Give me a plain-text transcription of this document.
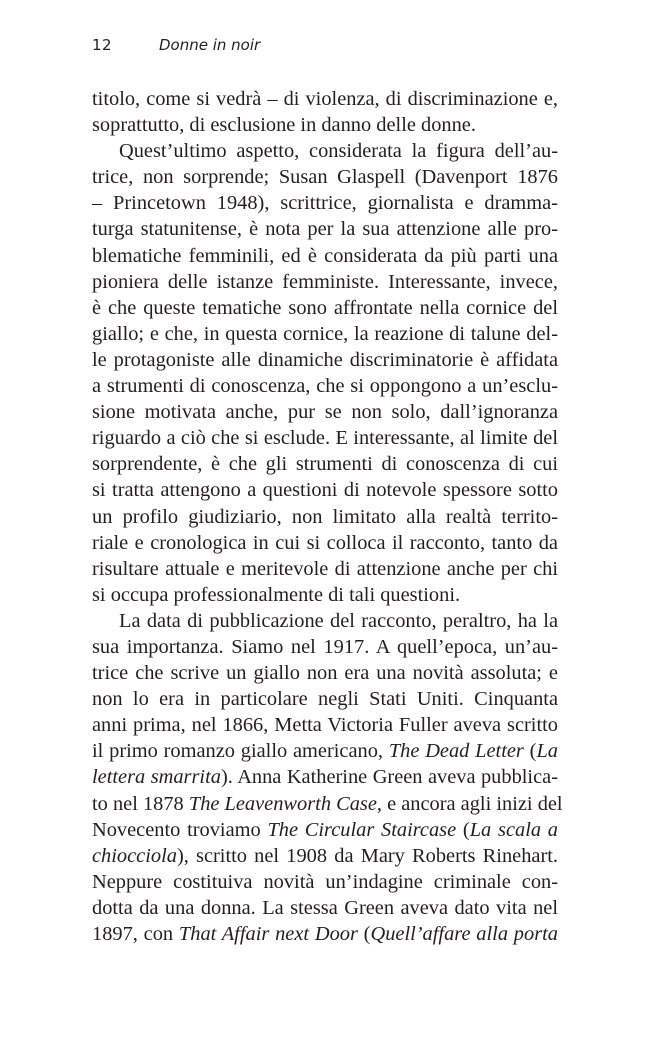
12	Donne in noir
titolo, come si vedrà – di violenza, di discriminazione e,
soprattutto, di esclusione in danno delle donne.
Quest’ultimo aspetto, considerata la figura dell’au-
trice, non sorprende; Susan Glaspell (Davenport 1876
– Princetown 1948), scrittrice, giornalista e dramma-
turga statunitense, è nota per la sua attenzione alle pro-
blematiche femminili, ed è considerata da più parti una
pioniera delle istanze femministe. Interessante, invece,
è che queste tematiche sono affrontate nella cornice del
giallo; e che, in questa cornice, la reazione di talune del-
le protagoniste alle dinamiche discriminatorie è affidata
a strumenti di conoscenza, che si oppongono a un’esclu-
sione motivata anche, pur se non solo, dall’ignoranza
riguardo a ciò che si esclude. E interessante, al limite del
sorprendente, è che gli strumenti di conoscenza di cui
si tratta attengono a questioni di notevole spessore sotto
un profilo giudiziario, non limitato alla realtà territo-
riale e cronologica in cui si colloca il racconto, tanto da
risultare attuale e meritevole di attenzione anche per chi
si occupa professionalmente di tali questioni.
La data di pubblicazione del racconto, peraltro, ha la
sua importanza. Siamo nel 1917. A quell’epoca, un’au-
trice che scrive un giallo non era una novità assoluta; e
non lo era in particolare negli Stati Uniti. Cinquanta
anni prima, nel 1866, Metta Victoria Fuller aveva scritto
il primo romanzo giallo americano, The Dead Letter (La
lettera smarrita). Anna Katherine Green aveva pubblica-
to nel 1878 The Leavenworth Case, e ancora agli inizi del
Novecento troviamo The Circular Staircase (La scala a
chiocciola), scritto nel 1908 da Mary Roberts Rinehart.
Neppure costituiva novità un’indagine criminale con-
dotta da una donna. La stessa Green aveva dato vita nel
1897, con That Affair next Door (Quell’affare alla porta
